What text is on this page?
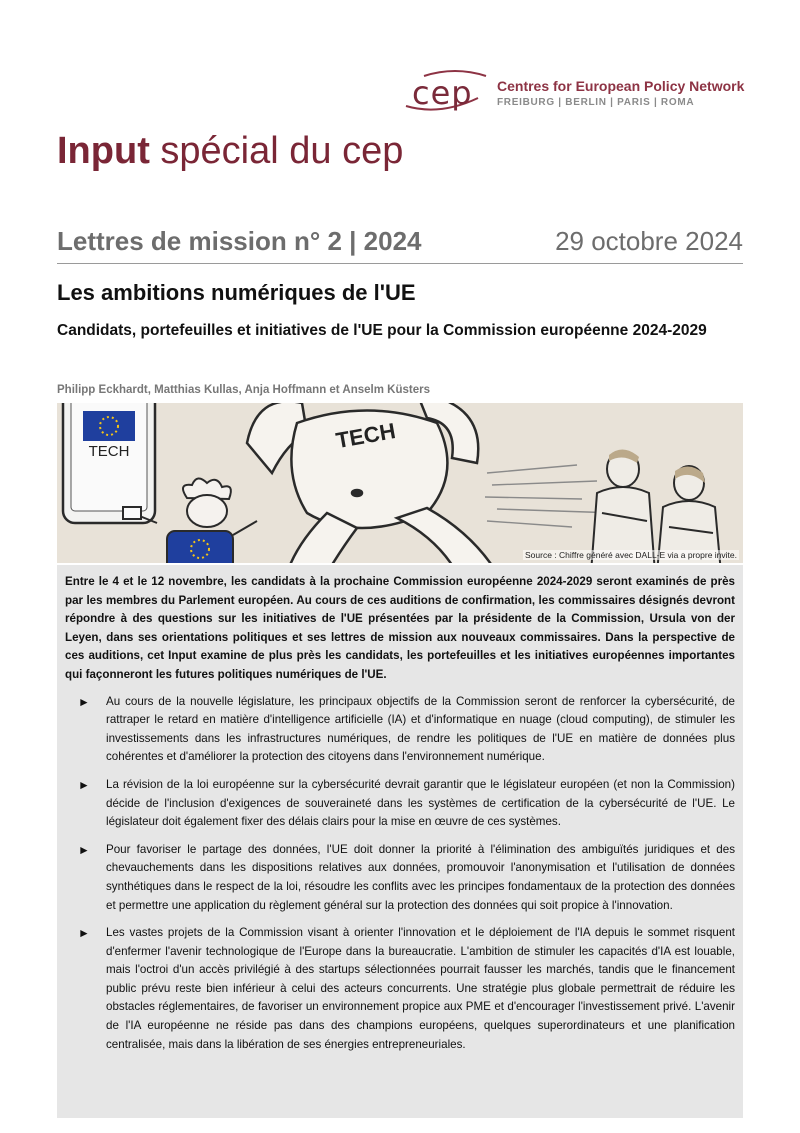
cep Centres for European Policy Network
FREIBURG | BERLIN | PARIS | ROMA
Input spécial du cep
Lettres de mission n° 2 | 2024	29 octobre 2024
Les ambitions numériques de l'UE
Candidats, portefeuilles et initiatives de l'UE pour la Commission européenne 2024-2029
Philipp Eckhardt, Matthias Kullas, Anja Hoffmann et Anselm Küsters
TECH	TECH
Source : Chiffre généré avec DALL-E via a propre invite.

Entre le 4 et le 12 novembre, les candidats à la prochaine Commission européenne 2024-2029 seront examinés de près par les membres du Parlement européen. Au cours de ces auditions de confirmation, les commissaires désignés devront répondre à des questions sur les initiatives de l'UE présentées par la présidente de la Commission, Ursula von der Leyen, dans ses orientations politiques et ses lettres de mission aux nouveaux commissaires. Dans la perspective de ces auditions, cet Input examine de plus près les candidats, les portefeuilles et les initiatives européennes importantes qui façonneront les futures politiques numériques de l'UE.

► Au cours de la nouvelle législature, les principaux objectifs de la Commission seront de renforcer la cybersécurité, de rattraper le retard en matière d'intelligence artificielle (IA) et d'informatique en nuage (cloud computing), de stimuler les investissements dans les infrastructures numériques, de rendre les politiques de l'UE en matière de données plus cohérentes et d'améliorer la protection des citoyens dans l'environnement numérique.
► La révision de la loi européenne sur la cybersécurité devrait garantir que le législateur européen (et non la Commission) décide de l'inclusion d'exigences de souveraineté dans les systèmes de certification de la cybersécurité de l'UE. Le législateur doit également fixer des délais clairs pour la mise en œuvre de ces systèmes.
► Pour favoriser le partage des données, l'UE doit donner la priorité à l'élimination des ambiguïtés juridiques et des chevauchements dans les dispositions relatives aux données, promouvoir l'anonymisation et l'utilisation de données synthétiques dans le respect de la loi, résoudre les conflits avec les principes fondamentaux de la protection des données et permettre une application du règlement général sur la protection des données qui soit propice à l'innovation.
► Les vastes projets de la Commission visant à orienter l'innovation et le déploiement de l'IA depuis le sommet risquent d'enfermer l'avenir technologique de l'Europe dans la bureaucratie. L'ambition de stimuler les capacités d'IA est louable, mais l'octroi d'un accès privilégié à des startups sélectionnées pourrait fausser les marchés, tandis que le financement public prévu reste bien inférieur à celui des acteurs concurrents. Une stratégie plus globale permettrait de réduire les obstacles réglementaires, de favoriser un environnement propice aux PME et d'encourager l'investissement privé. L'avenir de l'IA européenne ne réside pas dans des champions européens, quelques superordinateurs et une planification centralisée, mais dans la libération de ses énergies entrepreneuriales.
